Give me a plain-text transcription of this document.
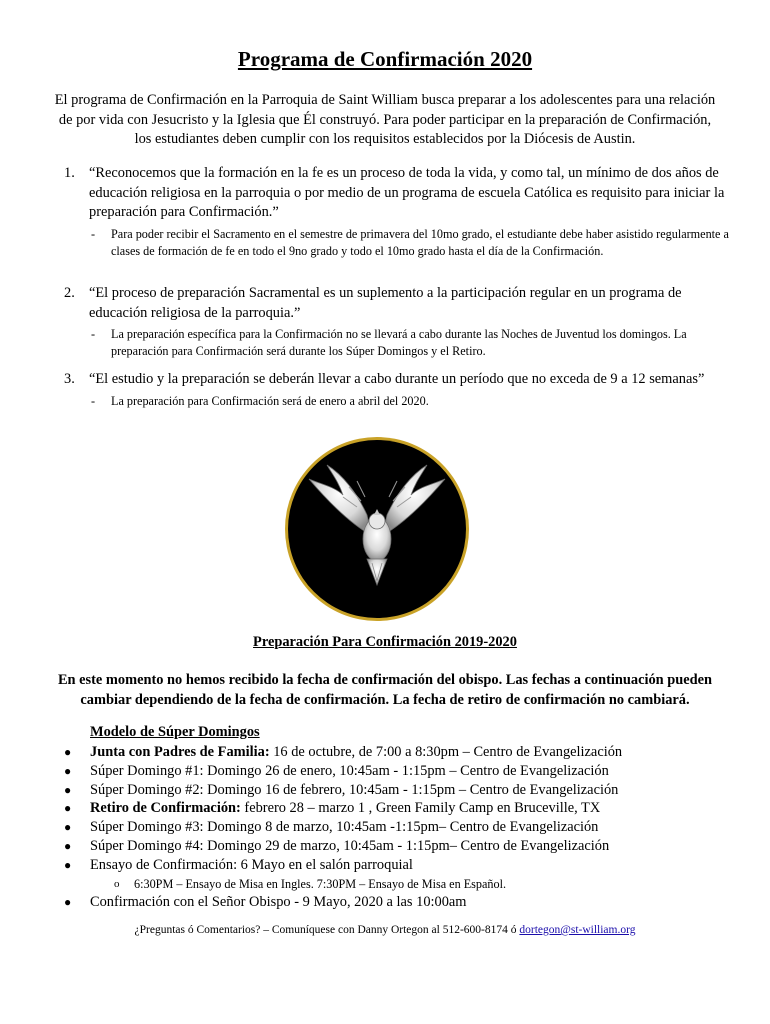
Programa de Confirmación 2020
El programa de Confirmación en la Parroquia de Saint William busca preparar a los adolescentes para una relación de por vida con Jesucristo y la Iglesia que Él construyó. Para poder participar en la preparación de Confirmación, los estudiantes deben cumplir con los requisitos establecidos por la Diócesis de Austin.
1. “Reconocemos que la formación en la fe es un proceso de toda la vida, y como tal, un mínimo de dos años de educación religiosa en la parroquia o por medio de un programa de escuela Católica es requisito para iniciar la preparación para Confirmación.”
- Para poder recibir el Sacramento en el semestre de primavera del 10mo grado, el estudiante debe haber asistido regularmente a clases de formación de fe en todo el 9no grado y todo el 10mo grado hasta el día de la Confirmación.
2. “El proceso de preparación Sacramental es un suplemento a la participación regular en un programa de educación religiosa de la parroquia.”
- La preparación específica para la Confirmación no se llevará a cabo durante las Noches de Juventud los domingos. La preparación para Confirmación será durante los Súper Domingos y el Retiro.
3. “El estudio y la preparación se deberán llevar a cabo durante un período que no exceda de 9 a 12 semanas”
- La preparación para Confirmación será de enero a abril del 2020.
Preparación Para Confirmación 2019-2020
En este momento no hemos recibido la fecha de confirmación del obispo. Las fechas a continuación pueden cambiar dependiendo de la fecha de confirmación. La fecha de retiro de confirmación no cambiará.
Modelo de Súper Domingos
● Junta con Padres de Familia: 16 de octubre, de 7:00 a 8:30pm – Centro de Evangelización
● Súper Domingo #1: Domingo 26 de enero, 10:45am - 1:15pm – Centro de Evangelización
● Súper Domingo #2: Domingo 16 de febrero, 10:45am - 1:15pm – Centro de Evangelización
● Retiro de Confirmación: febrero 28 – marzo 1 , Green Family Camp en Bruceville, TX
● Súper Domingo #3: Domingo 8 de marzo, 10:45am -1:15pm– Centro de Evangelización
● Súper Domingo #4: Domingo 29 de marzo, 10:45am - 1:15pm– Centro de Evangelización
● Ensayo de Confirmación: 6 Mayo en el salón parroquial
o 6:30PM – Ensayo de Misa en Ingles. 7:30PM – Ensayo de Misa en Español.
● Confirmación con el Señor Obispo - 9 Mayo, 2020 a las 10:00am
¿Preguntas ó Comentarios? – Comuníquese con Danny Ortegon al 512-600-8174 ó dortegon@st-william.org
